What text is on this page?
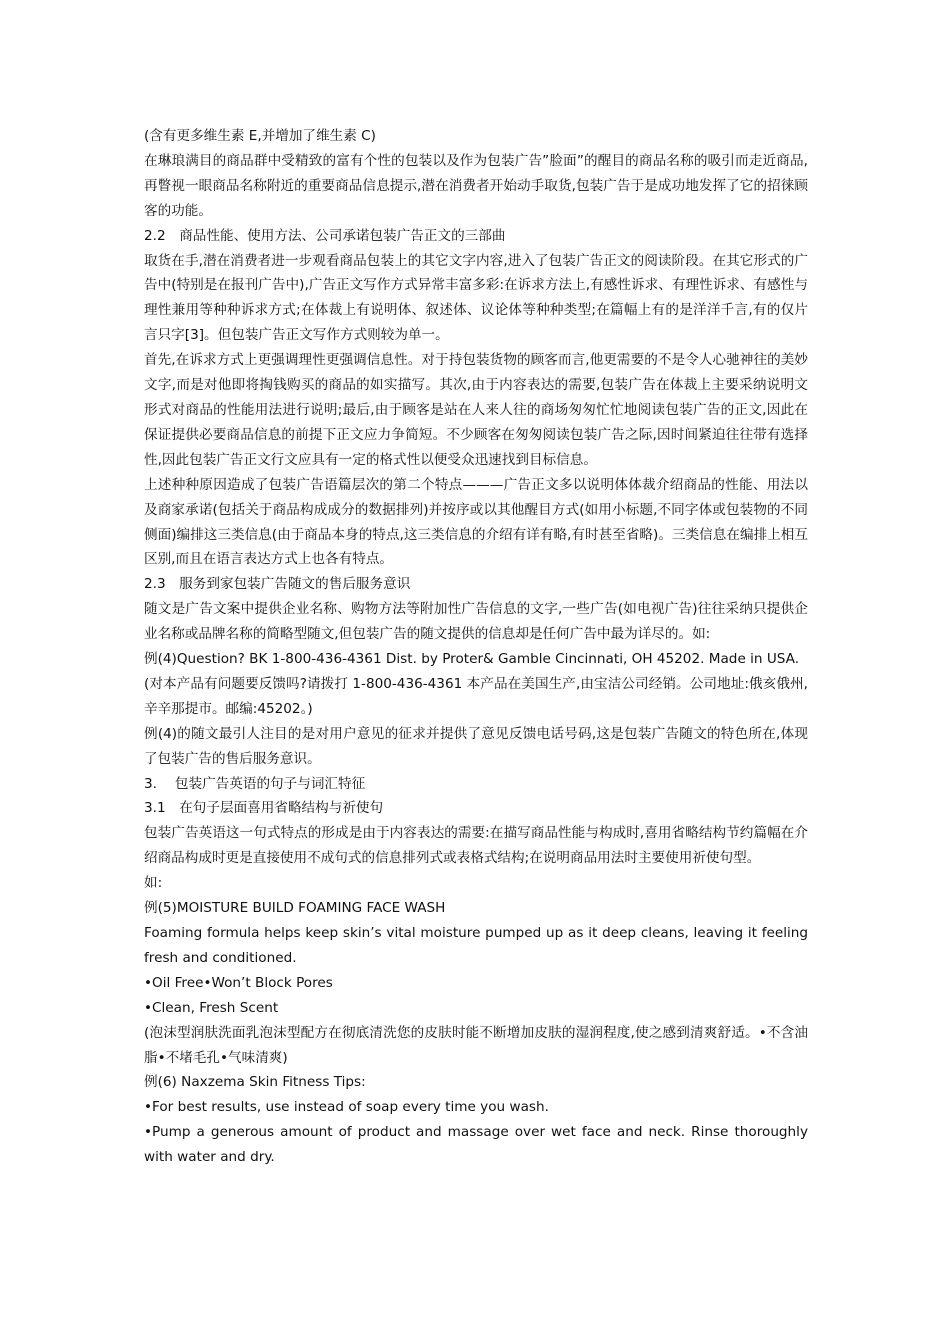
(含有更多维生素 E,并增加了维生素 C)

在琳琅满目的商品群中受精致的富有个性的包装以及作为包装广告”脸面”的醒目的商品名称的吸引而走近商品,再瞥视一眼商品名称附近的重要商品信息提示,潜在消费者开始动手取货,包装广告于是成功地发挥了它的招徕顾客的功能。

2.2　商品性能、使用方法、公司承诺包装广告正文的三部曲

取货在手,潜在消费者进一步观看商品包装上的其它文字内容,进入了包装广告正文的阅读阶段。在其它形式的广告中(特别是在报刊广告中),广告正文写作方式异常丰富多彩:在诉求方法上,有感性诉求、有理性诉求、有感性与理性兼用等种种诉求方式;在体裁上有说明体、叙述体、议论体等种种类型;在篇幅上有的是洋洋千言,有的仅片言只字[3]。但包装广告正文写作方式则较为单一。

首先,在诉求方式上更强调理性更强调信息性。对于持包装货物的顾客而言,他更需要的不是令人心驰神往的美妙文字,而是对他即将掏钱购买的商品的如实描写。其次,由于内容表达的需要,包装广告在体裁上主要采纳说明文形式对商品的性能用法进行说明;最后,由于顾客是站在人来人往的商场匆匆忙忙地阅读包装广告的正文,因此在保证提供必要商品信息的前提下正文应力争简短。不少顾客在匆匆阅读包装广告之际,因时间紧迫往往带有选择性,因此包装广告正文行文应具有一定的格式性以便受众迅速找到目标信息。

上述种种原因造成了包装广告语篇层次的第二个特点———广告正文多以说明体体裁介绍商品的性能、用法以及商家承诺(包括关于商品构成成分的数据排列)并按序或以其他醒目方式(如用小标题,不同字体或包装物的不同侧面)编排这三类信息(由于商品本身的特点,这三类信息的介绍有详有略,有时甚至省略)。三类信息在编排上相互区别,而且在语言表达方式上也各有特点。

2.3　服务到家包装广告随文的售后服务意识

随文是广告文案中提供企业名称、购物方法等附加性广告信息的文字,一些广告(如电视广告)往往采纳只提供企业名称或品牌名称的简略型随文,但包装广告的随文提供的信息却是任何广告中最为详尽的。如:

例(4)Question? BK 1-800-436-4361 Dist. by Proter& Gamble Cincinnati, OH 45202. Made in USA.

(对本产品有问题要反馈吗?请拨打 1-800-436-4361 本产品在美国生产,由宝洁公司经销。公司地址:俄亥俄州,辛辛那提市。邮编:45202。)

例(4)的随文最引人注目的是对用户意见的征求并提供了意见反馈电话号码,这是包装广告随文的特色所在,体现了包装广告的售后服务意识。

3.　 包装广告英语的句子与词汇特征

3.1　在句子层面喜用省略结构与祈使句

包装广告英语这一句式特点的形成是由于内容表达的需要:在描写商品性能与构成时,喜用省略结构节约篇幅在介绍商品构成时更是直接使用不成句式的信息排列式或表格式结构;在说明商品用法时主要使用祈使句型。

如:

例(5)MOISTURE BUILD FOAMING FACE WASH

Foaming formula helps keep skin’s vital moisture pumped up as it deep cleans, leaving it feeling fresh and conditioned.

•Oil Free•Won’t Block Pores

•Clean, Fresh Scent

(泡沫型润肤洗面乳泡沫型配方在彻底清洗您的皮肤时能不断增加皮肤的湿润程度,使之感到清爽舒适。•不含油脂•不堵毛孔•气味清爽)

例(6) Naxzema Skin Fitness Tips:

•For best results, use instead of soap every time you wash.

•Pump a generous amount of product and massage over wet face and neck. Rinse thoroughly with water and dry.
